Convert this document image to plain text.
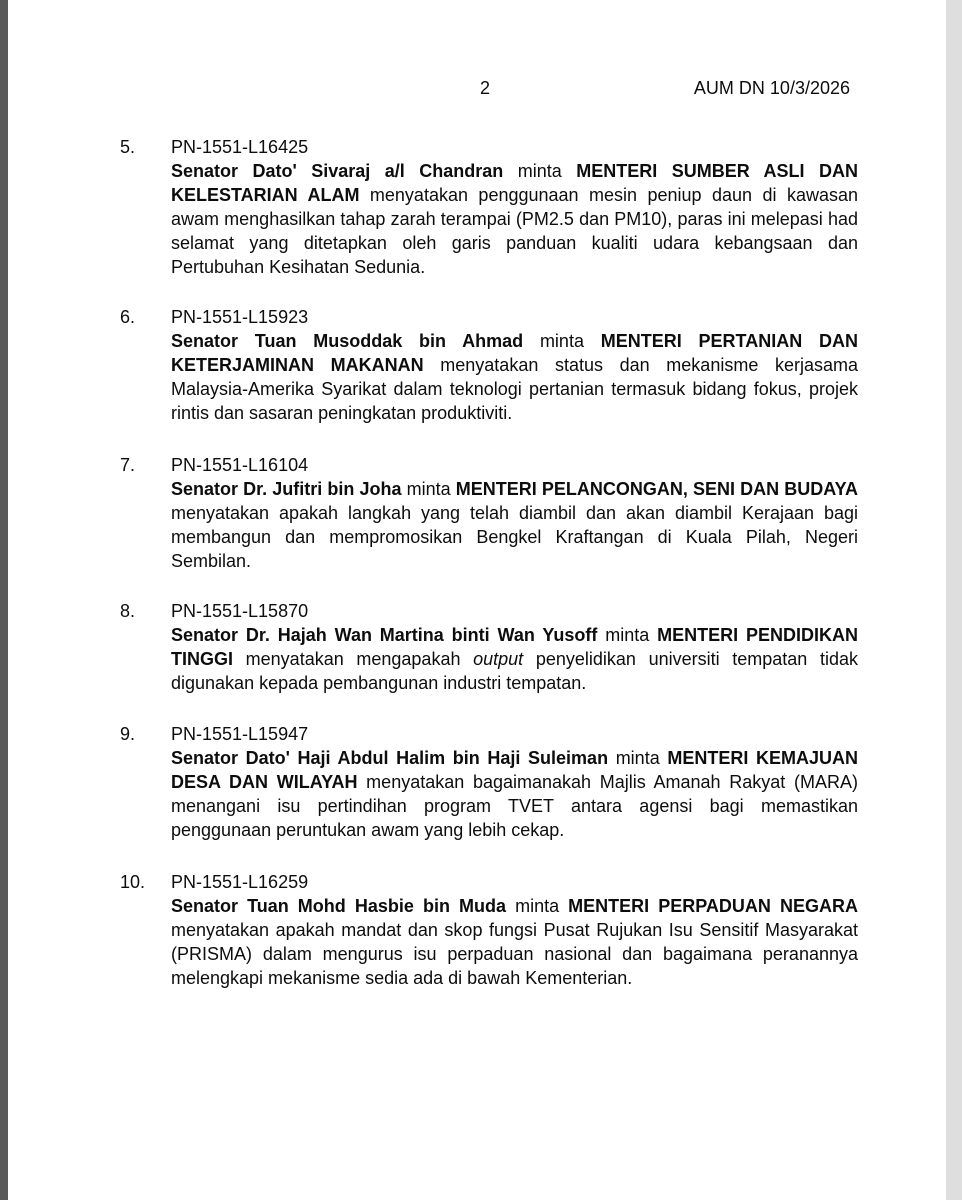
2	AUM DN 10/3/2026
5. PN-1551-L16425
Senator Dato' Sivaraj a/l Chandran minta MENTERI SUMBER ASLI DAN KELESTARIAN ALAM menyatakan penggunaan mesin peniup daun di kawasan awam menghasilkan tahap zarah terampai (PM2.5 dan PM10), paras ini melepasi had selamat yang ditetapkan oleh garis panduan kualiti udara kebangsaan dan Pertubuhan Kesihatan Sedunia.
6. PN-1551-L15923
Senator Tuan Musoddak bin Ahmad minta MENTERI PERTANIAN DAN KETERJAMINAN MAKANAN menyatakan status dan mekanisme kerjasama Malaysia-Amerika Syarikat dalam teknologi pertanian termasuk bidang fokus, projek rintis dan sasaran peningkatan produktiviti.
7. PN-1551-L16104
Senator Dr. Jufitri bin Joha minta MENTERI PELANCONGAN, SENI DAN BUDAYA menyatakan apakah langkah yang telah diambil dan akan diambil Kerajaan bagi membangun dan mempromosikan Bengkel Kraftangan di Kuala Pilah, Negeri Sembilan.
8. PN-1551-L15870
Senator Dr. Hajah Wan Martina binti Wan Yusoff minta MENTERI PENDIDIKAN TINGGI menyatakan mengapakah output penyelidikan universiti tempatan tidak digunakan kepada pembangunan industri tempatan.
9. PN-1551-L15947
Senator Dato' Haji Abdul Halim bin Haji Suleiman minta MENTERI KEMAJUAN DESA DAN WILAYAH menyatakan bagaimanakah Majlis Amanah Rakyat (MARA) menangani isu pertindihan program TVET antara agensi bagi memastikan penggunaan peruntukan awam yang lebih cekap.
10. PN-1551-L16259
Senator Tuan Mohd Hasbie bin Muda minta MENTERI PERPADUAN NEGARA menyatakan apakah mandat dan skop fungsi Pusat Rujukan Isu Sensitif Masyarakat (PRISMA) dalam mengurus isu perpaduan nasional dan bagaimana peranannya melengkapi mekanisme sedia ada di bawah Kementerian.
